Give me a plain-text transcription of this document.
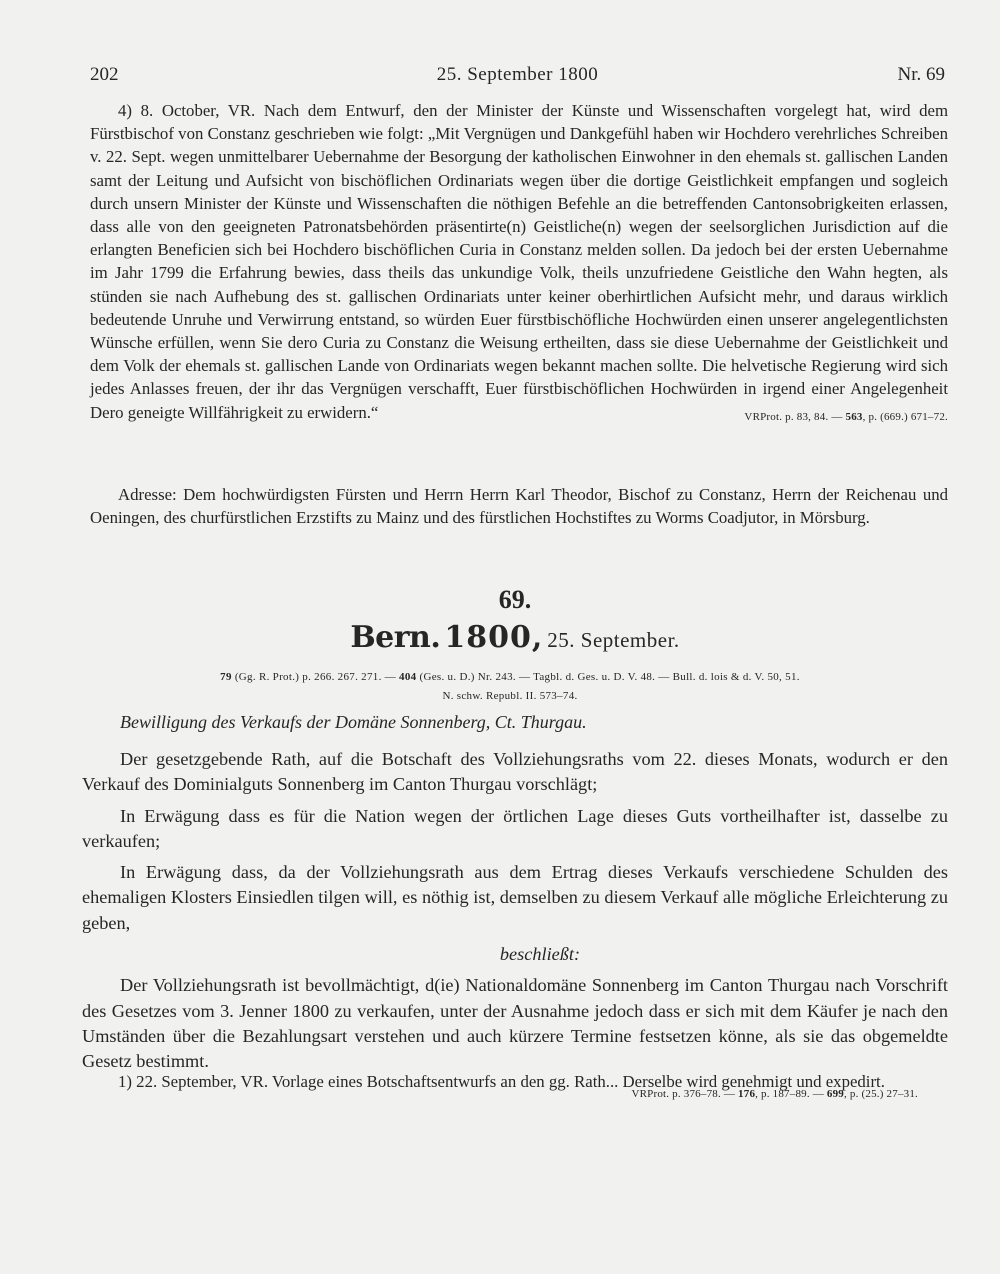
25. September 1800
202	Nr. 69

4) 8. October, VR. Nach dem Entwurf, den der Minister der Künste und Wissenschaften vorgelegt hat, wird dem Fürstbischof von Constanz geschrieben wie folgt: „Mit Vergnügen und Dankgefühl haben wir Hochdero verehrliches Schreiben v. 22. Sept. wegen unmittelbarer Uebernahme der Besorgung der katholischen Einwohner in den ehemals st. gallischen Landen samt der Leitung und Aufsicht von bischöflichen Ordinariats wegen über die dortige Geistlichkeit empfangen und sogleich durch unsern Minister der Künste und Wissenschaften die nöthigen Befehle an die betreffenden Cantonsobrigkeiten erlassen, dass alle von den geeigneten Patronatsbehörden präsentirte(n) Geistliche(n) wegen der seelsorglichen Jurisdiction auf die erlangten Beneficien sich bei Hochdero bischöflichen Curia in Constanz melden sollen. Da jedoch bei der ersten Uebernahme im Jahr 1799 die Erfahrung bewies, dass theils das unkundige Volk, theils unzufriedene Geistliche den Wahn hegten, als stünden sie nach Aufhebung des st. gallischen Ordinariats unter keiner oberhirtlichen Aufsicht mehr, und daraus wirklich bedeutende Unruhe und Verwirrung entstand, so würden Euer fürstbischöfliche Hochwürden einen unserer angelegentlichsten Wünsche erfüllen, wenn Sie dero Curia zu Constanz die Weisung ertheilten, dass sie diese Uebernahme der Geistlichkeit und dem Volk der ehemals st. gallischen Lande von Ordinariats wegen bekannt machen sollte. Die helvetische Regierung wird sich jedes Anlasses freuen, der ihr das Vergnügen verschafft, Euer fürstbischöflichen Hochwürden in irgend einer Angelegenheit Dero geneigte Willfährigkeit zu erwidern.“	VRProt. p. 83, 84. — 563, p. (669.) 671–72.

Adresse: Dem hochwürdigsten Fürsten und Herrn Herrn Karl Theodor, Bischof zu Constanz, Herrn der Reichenau und Oeningen, des churfürstlichen Erzstifts zu Mainz und des fürstlichen Hochstiftes zu Worms Coadjutor, in Mörsburg.
69.
Bern. 1800, 25. September.
79 (Gg. R. Prot.) p. 266. 267. 271. — 404 (Ges. u. D.) Nr. 243. — Tagbl. d. Ges. u. D. V. 48. — Bull. d. lois & d. V. 50, 51.
N. schw. Republ. II. 573–74.
Bewilligung des Verkaufs der Domäne Sonnenberg, Ct. Thurgau.

Der gesetzgebende Rath, auf die Botschaft des Vollziehungsraths vom 22. dieses Monats, wodurch er den Verkauf des Dominialguts Sonnenberg im Canton Thurgau vorschlägt;

In Erwägung dass es für die Nation wegen der örtlichen Lage dieses Guts vortheilhafter ist, dasselbe zu verkaufen;

In Erwägung dass, da der Vollziehungsrath aus dem Ertrag dieses Verkaufs verschiedene Schulden des ehemaligen Klosters Einsiedlen tilgen will, es nöthig ist, demselben zu diesem Verkauf alle mögliche Erleichterung zu geben,

beschließt:

Der Vollziehungsrath ist bevollmächtigt, d(ie) Nationaldomäne Sonnenberg im Canton Thurgau nach Vorschrift des Gesetzes vom 3. Jenner 1800 zu verkaufen, unter der Ausnahme jedoch dass er sich mit dem Käufer je nach den Umständen über die Bezahlungsart verstehen und auch kürzere Termine festsetzen könne, als sie das obgemeldte Gesetz bestimmt.

1) 22. September, VR. Vorlage eines Botschaftsentwurfs an den gg. Rath... Derselbe wird genehmigt und expedirt.

VRProt. p. 376–78. — 176, p. 187–89. — 699, p. (25.) 27–31.
